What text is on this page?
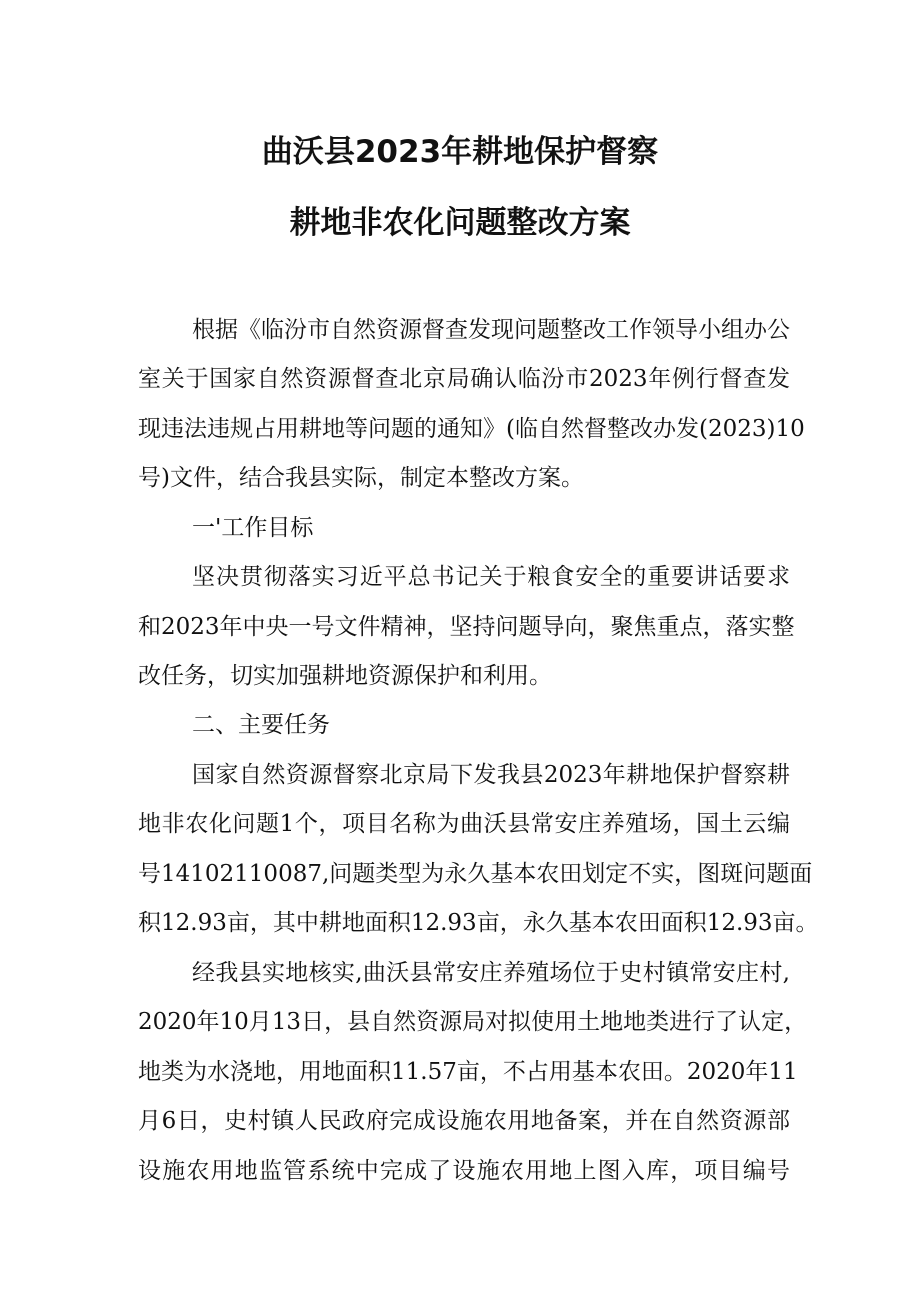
曲沃县2023年耕地保护督察
耕地非农化问题整改方案
根据《临汾市自然资源督查发现问题整改工作领导小组办公
室关于国家自然资源督查北京局确认临汾市2023年例行督查发
现违法违规占用耕地等问题的通知》(临自然督整改办发(2023)10
号)文件，结合我县实际，制定本整改方案。
一'工作目标
坚决贯彻落实习近平总书记关于粮食安全的重要讲话要求
和2023年中央一号文件精神，坚持问题导向，聚焦重点，落实整
改任务，切实加强耕地资源保护和利用。
二、主要任务
国家自然资源督察北京局下发我县2023年耕地保护督察耕
地非农化问题1个，项目名称为曲沃县常安庄养殖场，国土云编
号14102110087,问题类型为永久基本农田划定不实，图斑问题面
积12.93亩，其中耕地面积12.93亩，永久基本农田面积12.93亩。
经我县实地核实,曲沃县常安庄养殖场位于史村镇常安庄村,
2020年10月13日，县自然资源局对拟使用土地地类进行了认定，
地类为水浇地，用地面积11.57亩，不占用基本农田。2020年11
月6日，史村镇人民政府完成设施农用地备案，并在自然资源部
设施农用地监管系统中完成了设施农用地上图入库，项目编号
